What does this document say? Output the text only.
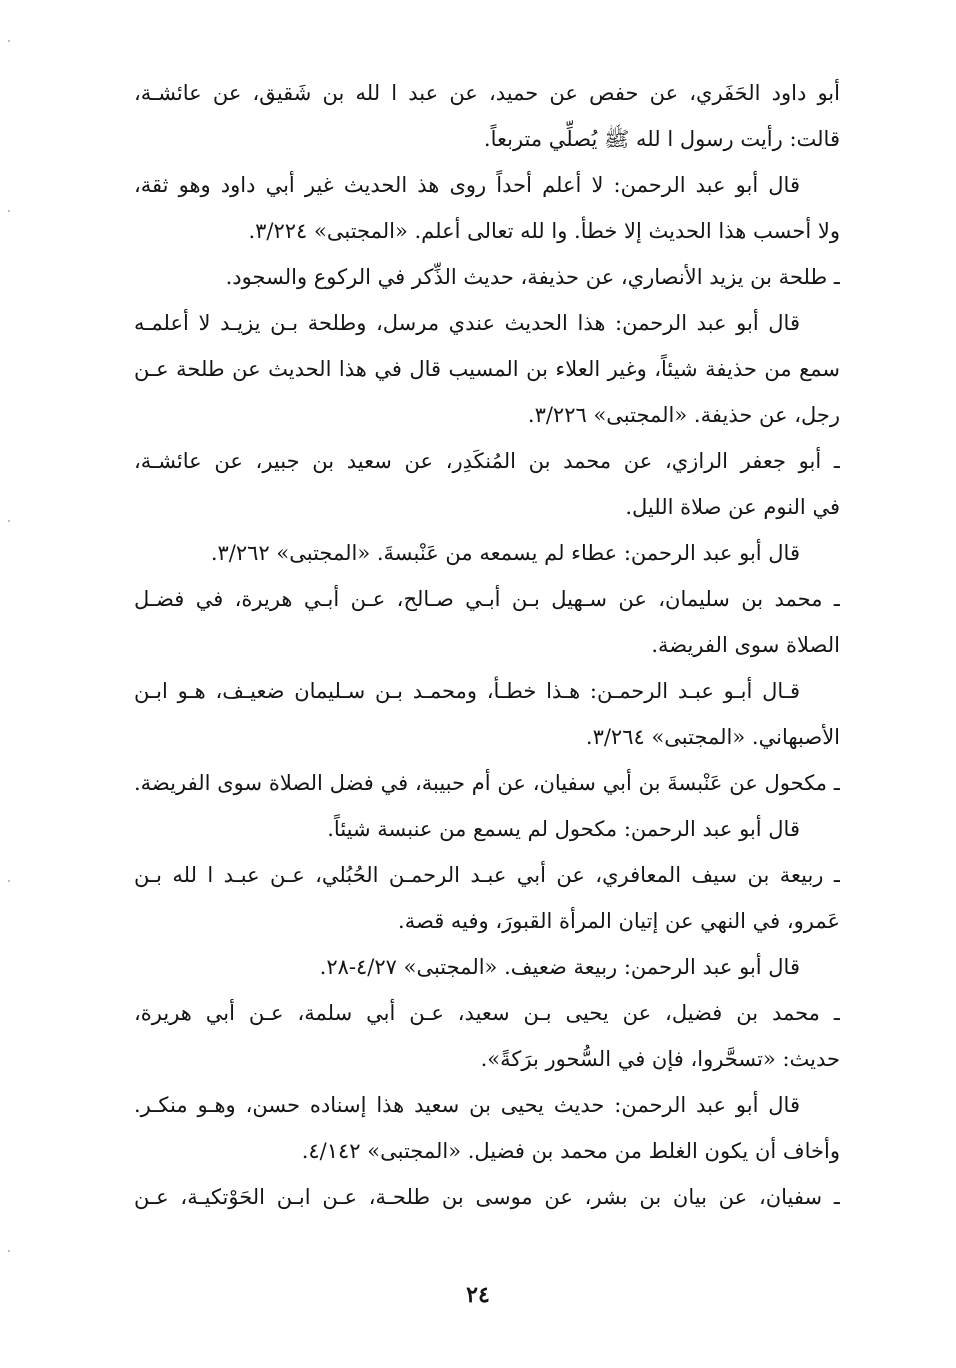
أبو داود الحَفَري، عن حفص عن حميد، عن عبد ا لله بن شَقيق، عن عائشـة،
قالت: رأيت رسول ا لله ﷺ يُصلِّي متربعاً.
قال أبو عبد الرحمن: لا أعلم أحداً روى هذ الحديث غير أبي داود وهو ثقة،
ولا أحسب هذا الحديث إلا خطأ. وا لله تعالى أعلم. «المجتبى» ٣/٢٢٤.
ـ طلحة بن يزيد الأنصاري، عن حذيفة، حديث الذِّكر في الركوع والسجود.
قال أبو عبد الرحمن: هذا الحديث عندي مرسل، وطلحة بـن يزيـد لا أعلمـه
سمع من حذيفة شيئاً، وغير العلاء بن المسيب قال في هذا الحديث عن طلحة عـن
رجل، عن حذيفة. «المجتبى» ٣/٢٢٦.
ـ أبو جعفر الرازي، عن محمد بن المُنكَدِر، عن سعيد بن جبير، عن عائشـة،
في النوم عن صلاة الليل.
قال أبو عبد الرحمن: عطاء لم يسمعه من عَنْبسةَ. «المجتبى» ٣/٢٦٢.
ـ محمد بن سليمان، عن سـهيل بـن أبـي صـالح، عـن أبـي هريرة، في فضـل
الصلاة سوى الفريضة.
قـال أبـو عبـد الرحمـن: هـذا خطـأ، ومحمـد بـن سـليمان ضعيـف، هـو ابـن
الأصبهاني. «المجتبى» ٣/٢٦٤.
ـ مكحول عن عَنْبسةَ بن أبي سفيان، عن أم حبيبة، في فضل الصلاة سوى الفريضة.
قال أبو عبد الرحمن: مكحول لم يسمع من عنبسة شيئاً.
ـ ربيعة بن سيف المعافري، عن أبي عبـد الرحمـن الحُبُلي، عـن عبـد ا لله بـن
عَمرو، في النهي عن إتيان المرأة القبورَ، وفيه قصة.
قال أبو عبد الرحمن: ربيعة ضعيف. «المجتبى» ٤/٢٧-٢٨.
ـ محمد بن فضيل، عن يحيى بـن سعيد، عـن أبي سلمة، عـن أبي هريرة،
حديث: «تسحَّروا، فإن في السُّحور برَكةً».
قال أبو عبد الرحمن: حديث يحيى بن سعيد هذا إسناده حسن، وهـو منكـر.
وأخاف أن يكون الغلط من محمد بن فضيل. «المجتبى» ٤/١٤٢.
ـ سفيان، عن بيان بن بشر، عن موسى بن طلحـة، عـن ابـن الحَوْتكيـة، عـن
٢٤
